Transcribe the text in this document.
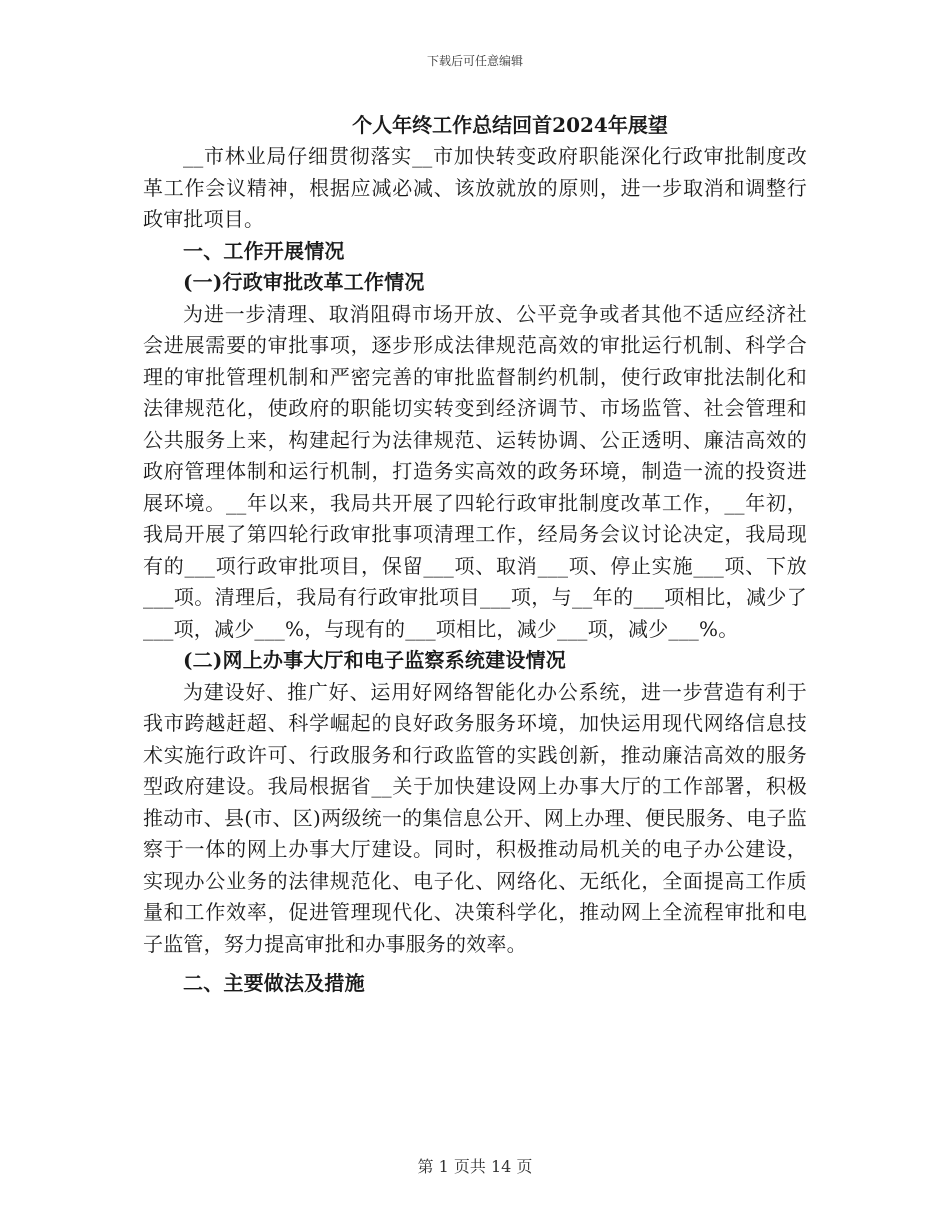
下载后可任意编辑
个人年终工作总结回首2024年展望

__市林业局仔细贯彻落实__市加快转变政府职能深化行政审批制度改革工作会议精神，根据应减必减、该放就放的原则，进一步取消和调整行政审批项目。

一、工作开展情况

(一)行政审批改革工作情况

为进一步清理、取消阻碍市场开放、公平竞争或者其他不适应经济社会进展需要的审批事项，逐步形成法律规范高效的审批运行机制、科学合理的审批管理机制和严密完善的审批监督制约机制，使行政审批法制化和法律规范化，使政府的职能切实转变到经济调节、市场监管、社会管理和公共服务上来，构建起行为法律规范、运转协调、公正透明、廉洁高效的政府管理体制和运行机制，打造务实高效的政务环境，制造一流的投资进展环境。__年以来，我局共开展了四轮行政审批制度改革工作，__年初，我局开展了第四轮行政审批事项清理工作，经局务会议讨论决定，我局现有的___项行政审批项目，保留___项、取消___项、停止实施___项、下放___项。清理后，我局有行政审批项目___项，与__年的___项相比，减少了___项，减少___%，与现有的___项相比，减少___项，减少___%。

(二)网上办事大厅和电子监察系统建设情况

为建设好、推广好、运用好网络智能化办公系统，进一步营造有利于我市跨越赶超、科学崛起的良好政务服务环境，加快运用现代网络信息技术实施行政许可、行政服务和行政监管的实践创新，推动廉洁高效的服务型政府建设。我局根据省__关于加快建设网上办事大厅的工作部署，积极推动市、县(市、区)两级统一的集信息公开、网上办理、便民服务、电子监察于一体的网上办事大厅建设。同时，积极推动局机关的电子办公建设，实现办公业务的法律规范化、电子化、网络化、无纸化，全面提高工作质量和工作效率，促进管理现代化、决策科学化，推动网上全流程审批和电子监管，努力提高审批和办事服务的效率。

二、主要做法及措施

第 1 页共 14 页
